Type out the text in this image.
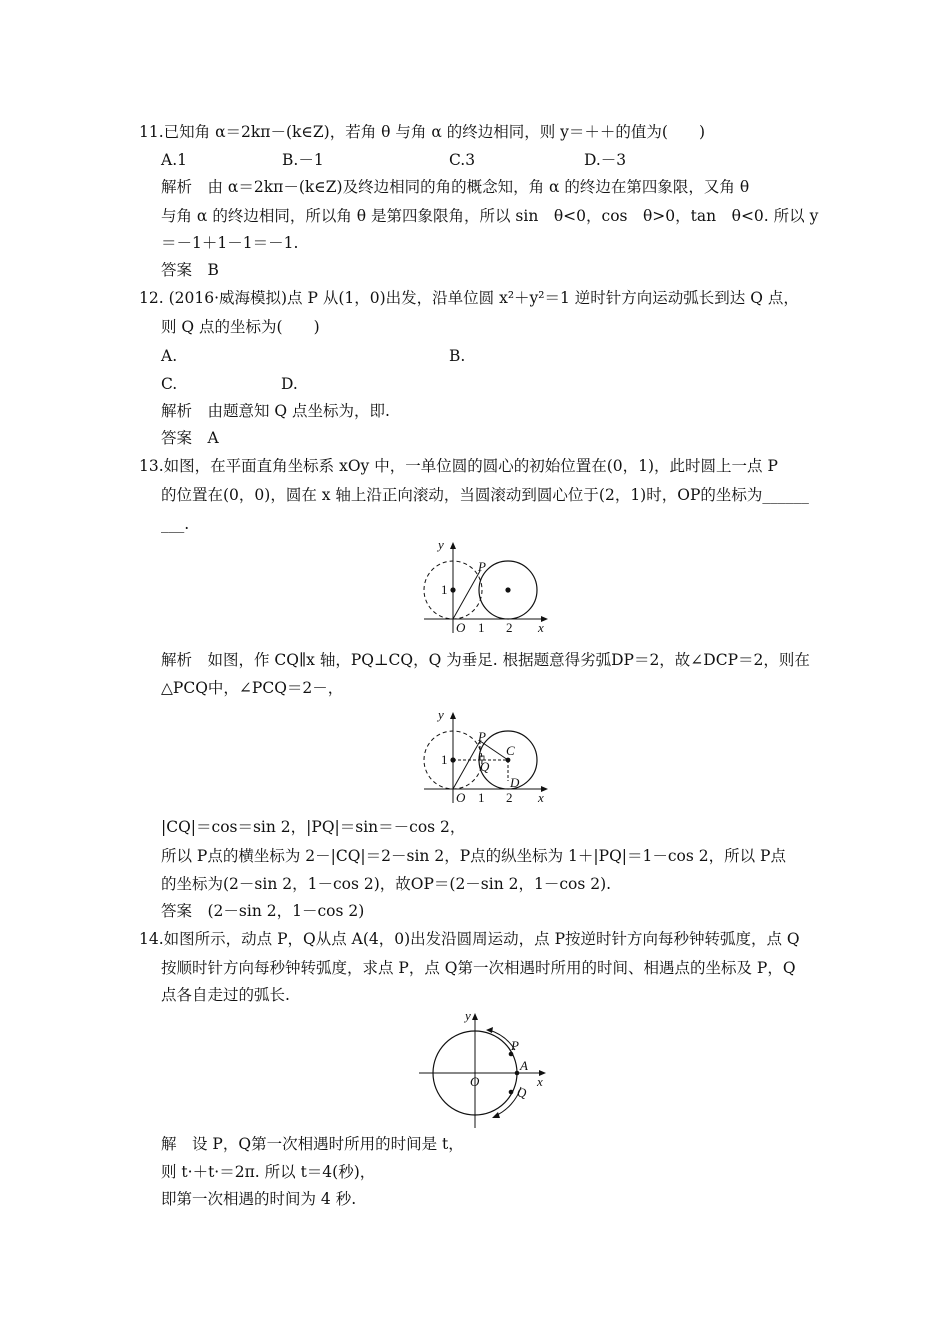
11.已知角 α＝2kπ－(k∈Z)，若角 θ 与角 α 的终边相同，则 y＝＋＋的值为(　　)
A.1	B.－1	C.3	D.－3
解析　由 α＝2kπ－(k∈Z)及终边相同的角的概念知，角 α 的终边在第四象限，又角 θ
与角 α 的终边相同，所以角 θ 是第四象限角，所以 sin　θ<0，cos　θ>0，tan　θ<0. 所以 y
＝－1＋1－1＝－1.
答案　B
12. (2016·威海模拟)点 P 从(1，0)出发，沿单位圆 x²＋y²＝1 逆时针方向运动弧长到达 Q 点，
则 Q 点的坐标为(　　)
A.	B.
C.	D.
解析　由题意知 Q 点坐标为，即.
答案　A
13.如图，在平面直角坐标系 xOy 中，一单位圆的圆心的初始位置在(0，1)，此时圆上一点 P
的位置在(0，0)，圆在 x 轴上沿正向滚动，当圆滚动到圆心位于(2，1)时，OP的坐标为______
___.
y
x
O
1
1 2
P
解析　如图，作 CQ∥x 轴，PQ⊥CQ，Q 为垂足. 根据题意得劣弧DP＝2，故∠DCP＝2，则在
△PCQ中，∠PCQ＝2－，
y
x
O
1
1 2
P
C
Q
D
|CQ|＝cos＝sin 2，|PQ|＝sin＝－cos 2，
所以 P点的横坐标为 2－|CQ|＝2－sin 2，P点的纵坐标为 1＋|PQ|＝1－cos 2，所以 P点
的坐标为(2－sin 2，1－cos 2)，故OP＝(2－sin 2，1－cos 2).
答案　(2－sin 2，1－cos 2)
14.如图所示，动点 P，Q从点 A(4，0)出发沿圆周运动，点 P按逆时针方向每秒钟转弧度，点 Q
按顺时针方向每秒钟转弧度，求点 P，点 Q第一次相遇时所用的时间、相遇点的坐标及 P，Q
点各自走过的弧长.
y
x
O
P
A
Q
解　设 P，Q第一次相遇时所用的时间是 t，
则 t·＋t·＝2π. 所以 t＝4(秒)，
即第一次相遇的时间为 4 秒.
